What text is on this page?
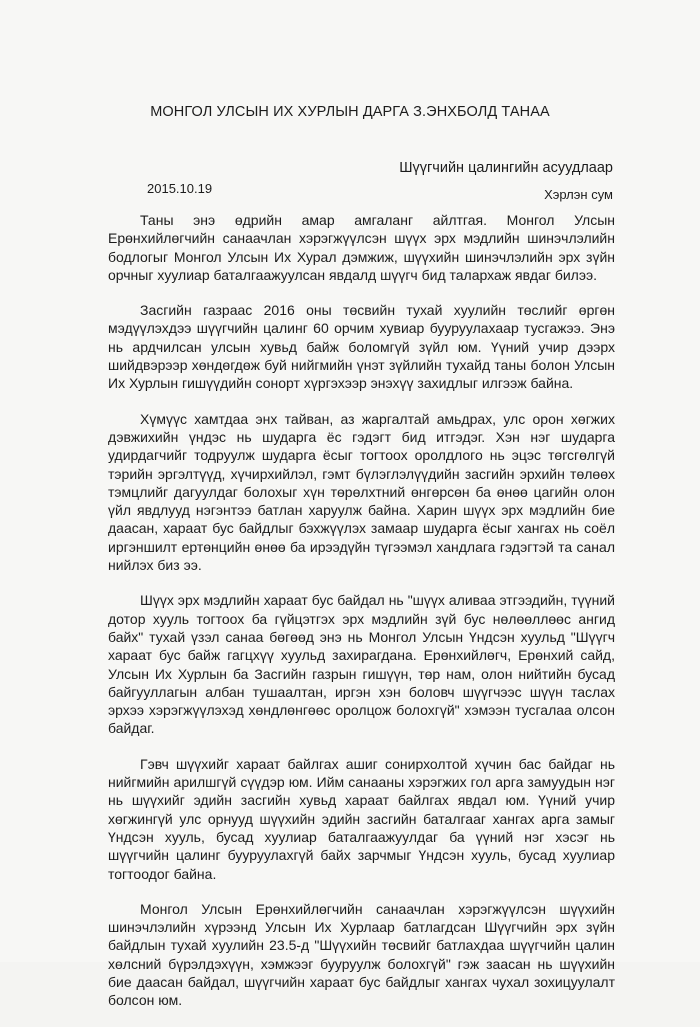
МОНГОЛ УЛСЫН ИХ ХУРЛЫН ДАРГА З.ЭНХБОЛД ТАНАА
Шүүгчийн цалингийн асуудлаар
2015.10.19	Хэрлэн сум

Таны энэ өдрийн амар амгаланг айлтгая. Монгол Улсын Ерөнхийлөгчийн санаачлан хэрэгжүүлсэн шүүх эрх мэдлийн шинэчлэлийн бодлогыг Монгол Улсын Их Хурал дэмжиж, шүүхийн шинэчлэлийн эрх зүйн орчныг хуулиар баталгаажуулсан явдалд шүүгч бид талархаж явдаг билээ.

Засгийн газраас 2016 оны төсвийн тухай хуулийн төслийг өргөн мэдүүлэхдээ шүүгчийн цалинг 60 орчим хувиар бууруулахаар тусгажээ. Энэ нь ардчилсан улсын хувьд байж боломгүй зүйл юм. Үүний учир дээрх шийдвэрээр хөндөгдөж буй нийгмийн үнэт зүйлийн тухайд таны болон Улсын Их Хурлын гишүүдийн сонорт хүргэхээр энэхүү захидлыг илгээж байна.

Хүмүүс хамтдаа энх тайван, аз жаргалтай амьдрах, улс орон хөгжих дэвжихийн үндэс нь шударга ёс гэдэгт бид итгэдэг. Хэн нэг шударга удирдагчийг тодруулж шударга ёсыг тогтоох оролдлого нь эцэс төгсгөлгүй тэрийн эргэлтүүд, хүчирхийлэл, гэмт бүлэглэлүүдийн засгийн эрхийн төлөөх тэмцлийг дагуулдаг болохыг хүн төрөлхтний өнгөрсөн ба өнөө цагийн олон үйл явдлууд нэгэнтээ батлан харуулж байна. Харин шүүх эрх мэдлийн бие даасан, хараат бус байдлыг бэхжүүлэх замаар шударга ёсыг хангах нь соёл иргэншилт ертөнцийн өнөө ба ирээдүйн түгээмэл хандлага гэдэгтэй та санал нийлэх биз ээ.

Шүүх эрх мэдлийн хараат бус байдал нь "шүүх аливаа этгээдийн, түүний дотор хууль тогтоох ба гүйцэтгэх эрх мэдлийн зүй бус нөлөөллөөс ангид байх" тухай үзэл санаа бөгөөд энэ нь Монгол Улсын Үндсэн хуульд "Шүүгч хараат бус байж гагцхүү хуульд захирагдана. Ерөнхийлөгч, Ерөнхий сайд, Улсын Их Хурлын ба Засгийн газрын гишүүн, төр нам, олон нийтийн бусад байгууллагын албан тушаалтан, иргэн хэн боловч шүүгчээс шүүн таслах эрхээ хэрэгжүүлэхэд хөндлөнгөөс оролцож болохгүй" хэмээн тусгалаа олсон байдаг.

Гэвч шүүхийг хараат байлгах ашиг сонирхолтой хүчин бас байдаг нь нийгмийн арилшгүй сүүдэр юм. Ийм санааны хэрэгжих гол арга замуудын нэг нь шүүхийг эдийн засгийн хувьд хараат байлгах явдал юм. Үүний учир хөгжингүй улс орнууд шүүхийн эдийн засгийн баталгааг хангах арга замыг Үндсэн хууль, бусад хуулиар баталгаажуулдаг ба үүний нэг хэсэг нь шүүгчийн цалинг бууруулахгүй байх зарчмыг Үндсэн хууль, бусад хуулиар тогтоодог байна.

Монгол Улсын Ерөнхийлөгчийн санаачлан хэрэгжүүлсэн шүүхийн шинэчлэлийн хүрээнд Улсын Их Хурлаар батлагдсан Шүүгчийн эрх зүйн байдлын тухай хуулийн 23.5-д "Шүүхийн төсвийг батлахдаа шүүгчийн цалин хөлсний бүрэлдэхүүн, хэмжээг бууруулж болохгүй" гэж заасан нь шүүхийн бие даасан байдал, шүүгчийн хараат бус байдлыг хангах чухал зохицуулалт болсон юм.
